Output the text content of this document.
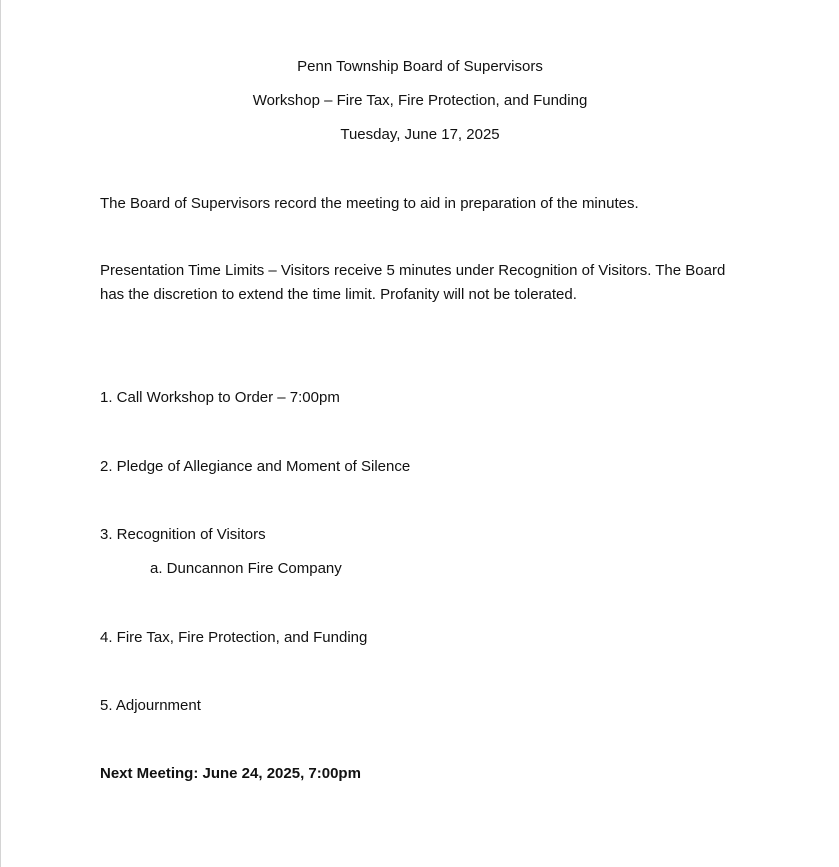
Penn Township Board of Supervisors
Workshop – Fire Tax, Fire Protection, and Funding
Tuesday, June 17, 2025
The Board of Supervisors record the meeting to aid in preparation of the minutes.
Presentation Time Limits – Visitors receive 5 minutes under Recognition of Visitors. The Board has the discretion to extend the time limit. Profanity will not be tolerated.
1. Call Workshop to Order – 7:00pm
2. Pledge of Allegiance and Moment of Silence
3. Recognition of Visitors
a. Duncannon Fire Company
4. Fire Tax, Fire Protection, and Funding
5. Adjournment
Next Meeting: June 24, 2025, 7:00pm
